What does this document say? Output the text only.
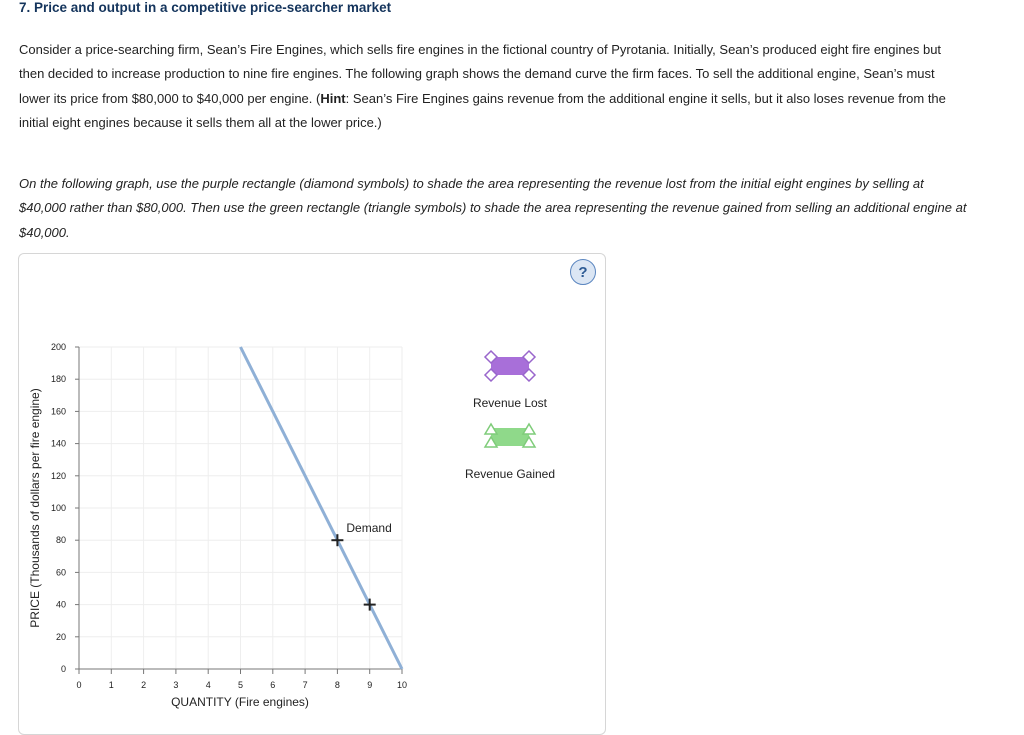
7. Price and output in a competitive price-searcher market

Consider a price-searching firm, Sean’s Fire Engines, which sells fire engines in the fictional country of Pyrotania. Initially, Sean’s produced eight fire engines but then decided to increase production to nine fire engines. The following graph shows the demand curve the firm faces. To sell the additional engine, Sean’s must lower its price from $80,000 to $40,000 per engine. (Hint: Sean’s Fire Engines gains revenue from the additional engine it sells, but it also loses revenue from the initial eight engines because it sells them all at the lower price.)

On the following graph, use the purple rectangle (diamond symbols) to shade the area representing the revenue lost from the initial eight engines by selling at $40,000 rather than $80,000. Then use the green rectangle (triangle symbols) to shade the area representing the revenue gained from selling an additional engine at $40,000.

0
20
40
60
80
100
120
140
160
180
200
0	1	2	3	4	5	6	7	8	9	10
Demand
QUANTITY (Fire engines)
PRICE (Thousands of dollars per fire engine)	Revenue Lost
Revenue Gained
?
